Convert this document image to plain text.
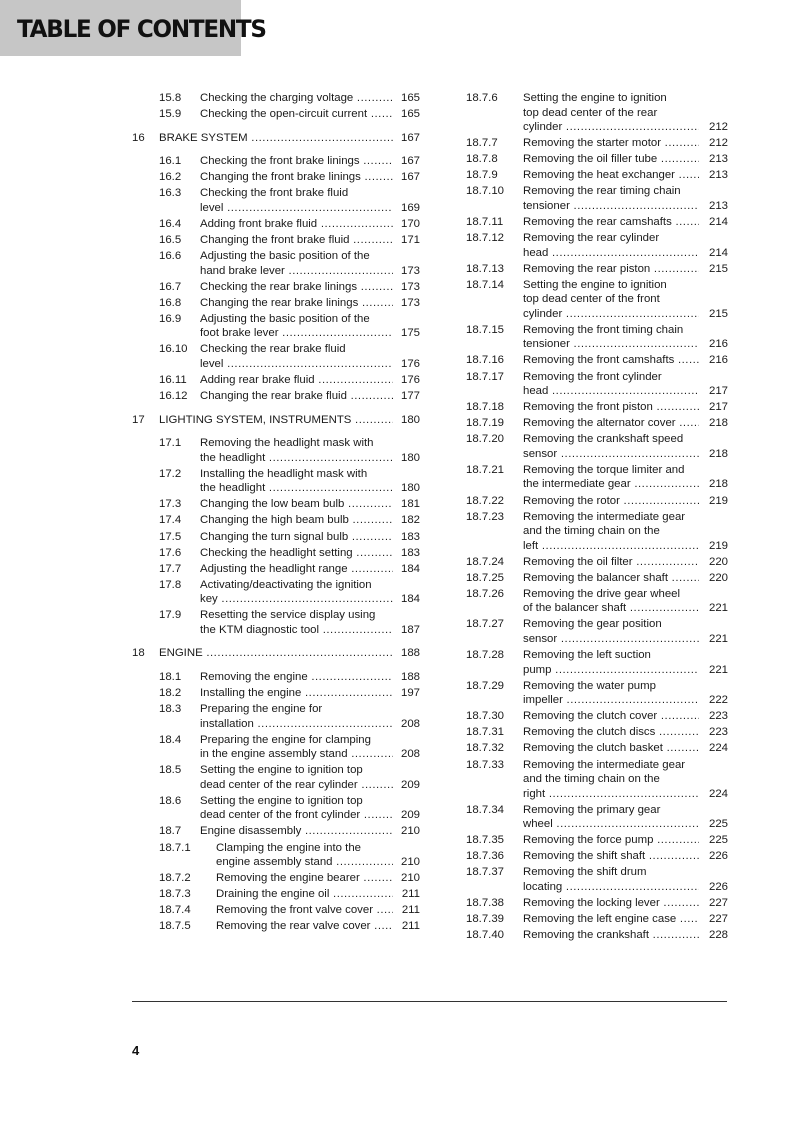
TABLE OF CONTENTS
15.8	Checking the charging voltage .....	165
15.9	Checking the open-circuit current .....	165
16	BRAKE SYSTEM .....	167
16.1	Checking the front brake linings .....	167
16.2	Changing the front brake linings .....	167
16.3	Checking the front brake fluid
level .....	169
16.4	Adding front brake fluid .....	170
16.5	Changing the front brake fluid .....	171
16.6	Adjusting the basic position of the
hand brake lever .....	173
16.7	Checking the rear brake linings .....	173
16.8	Changing the rear brake linings .....	173
16.9	Adjusting the basic position of the
foot brake lever .....	175
16.10	Checking the rear brake fluid
level .....	176
16.11	Adding rear brake fluid .....	176
16.12	Changing the rear brake fluid .....	177
17	LIGHTING SYSTEM, INSTRUMENTS .....	180
17.1	Removing the headlight mask with
the headlight .....	180
17.2	Installing the headlight mask with
the headlight .....	180
17.3	Changing the low beam bulb .....	181
17.4	Changing the high beam bulb .....	182
17.5	Changing the turn signal bulb .....	183
17.6	Checking the headlight setting .....	183
17.7	Adjusting the headlight range .....	184
17.8	Activating/deactivating the ignition
key .....	184
17.9	Resetting the service display using
the KTM diagnostic tool .....	187
18	ENGINE .....	188
18.1	Removing the engine .....	188
18.2	Installing the engine .....	197
18.3	Preparing the engine for
installation .....	208
18.4	Preparing the engine for clamping
in the engine assembly stand .....	208
18.5	Setting the engine to ignition top
dead center of the rear cylinder .....	209
18.6	Setting the engine to ignition top
dead center of the front cylinder .....	209
18.7	Engine disassembly .....	210
18.7.1	Clamping the engine into the
engine assembly stand .....	210
18.7.2	Removing the engine bearer .....	210
18.7.3	Draining the engine oil .....	211
18.7.4	Removing the front valve cover .....	211
18.7.5	Removing the rear valve cover .....	211
18.7.6	Setting the engine to ignition
top dead center of the rear
cylinder .....	212
18.7.7	Removing the starter motor .....	212
18.7.8	Removing the oil filler tube .....	213
18.7.9	Removing the heat exchanger .....	213
18.7.10	Removing the rear timing chain
tensioner .....	213
18.7.11	Removing the rear camshafts .....	214
18.7.12	Removing the rear cylinder
head .....	214
18.7.13	Removing the rear piston .....	215
18.7.14	Setting the engine to ignition
top dead center of the front
cylinder .....	215
18.7.15	Removing the front timing chain
tensioner .....	216
18.7.16	Removing the front camshafts .....	216
18.7.17	Removing the front cylinder
head .....	217
18.7.18	Removing the front piston .....	217
18.7.19	Removing the alternator cover .....	218
18.7.20	Removing the crankshaft speed
sensor .....	218
18.7.21	Removing the torque limiter and
the intermediate gear .....	218
18.7.22	Removing the rotor .....	219
18.7.23	Removing the intermediate gear
and the timing chain on the
left .....	219
18.7.24	Removing the oil filter .....	220
18.7.25	Removing the balancer shaft .....	220
18.7.26	Removing the drive gear wheel
of the balancer shaft .....	221
18.7.27	Removing the gear position
sensor .....	221
18.7.28	Removing the left suction
pump .....	221
18.7.29	Removing the water pump
impeller .....	222
18.7.30	Removing the clutch cover .....	223
18.7.31	Removing the clutch discs .....	223
18.7.32	Removing the clutch basket .....	224
18.7.33	Removing the intermediate gear
and the timing chain on the
right .....	224
18.7.34	Removing the primary gear
wheel .....	225
18.7.35	Removing the force pump .....	225
18.7.36	Removing the shift shaft .....	226
18.7.37	Removing the shift drum
locating .....	226
18.7.38	Removing the locking lever .....	227
18.7.39	Removing the left engine case .....	227
18.7.40	Removing the crankshaft .....	228
4
